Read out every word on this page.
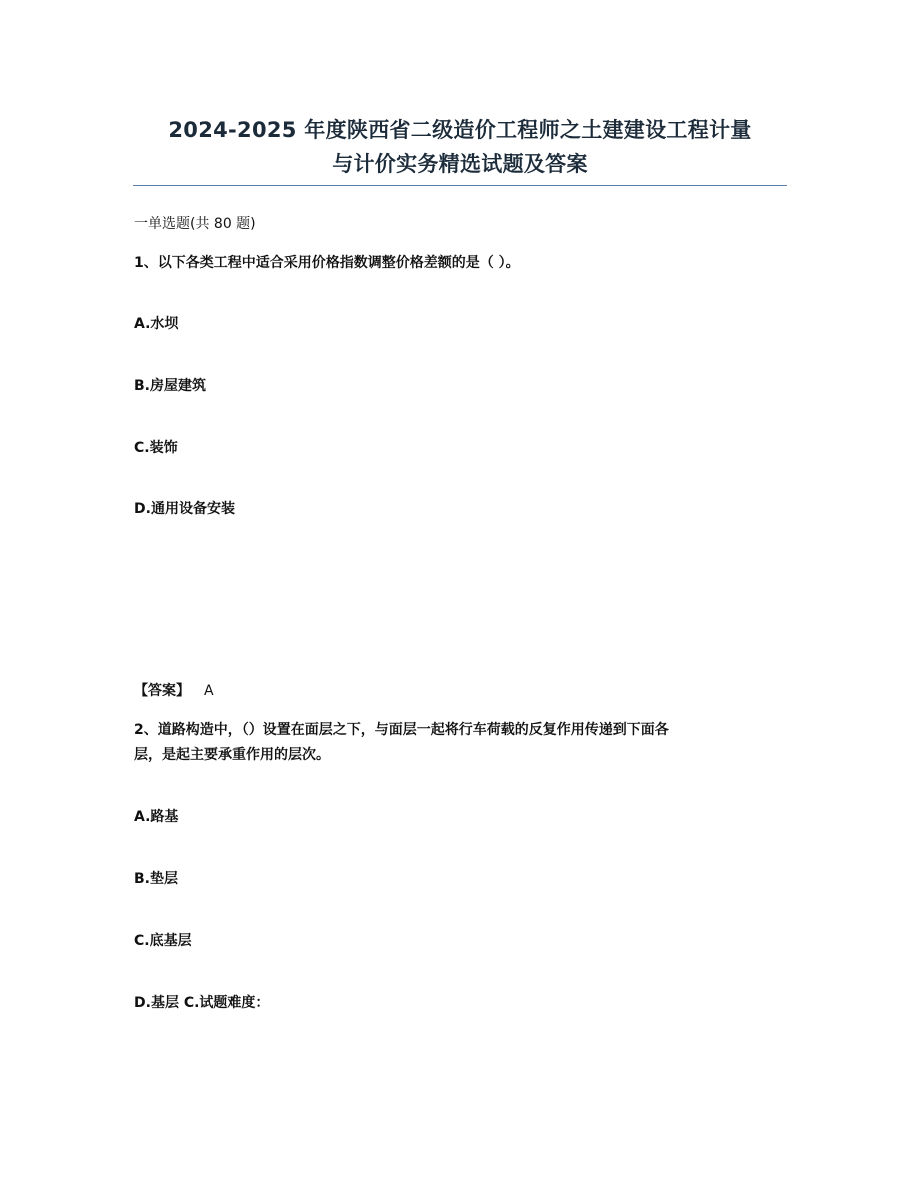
2024-2025 年度陕西省二级造价工程师之土建建设工程计量
与计价实务精选试题及答案
一单选题(共 80 题)
1、以下各类工程中适合采用价格指数调整价格差额的是（ ）。
A.水坝
B.房屋建筑
C.装饰
D.通用设备安装
【答案】 A
2、道路构造中，（）设置在面层之下，与面层一起将行车荷载的反复作用传递到下面各
层，是起主要承重作用的层次。
A.路基
B.垫层
C.底基层
D.基层 C.试题难度：
